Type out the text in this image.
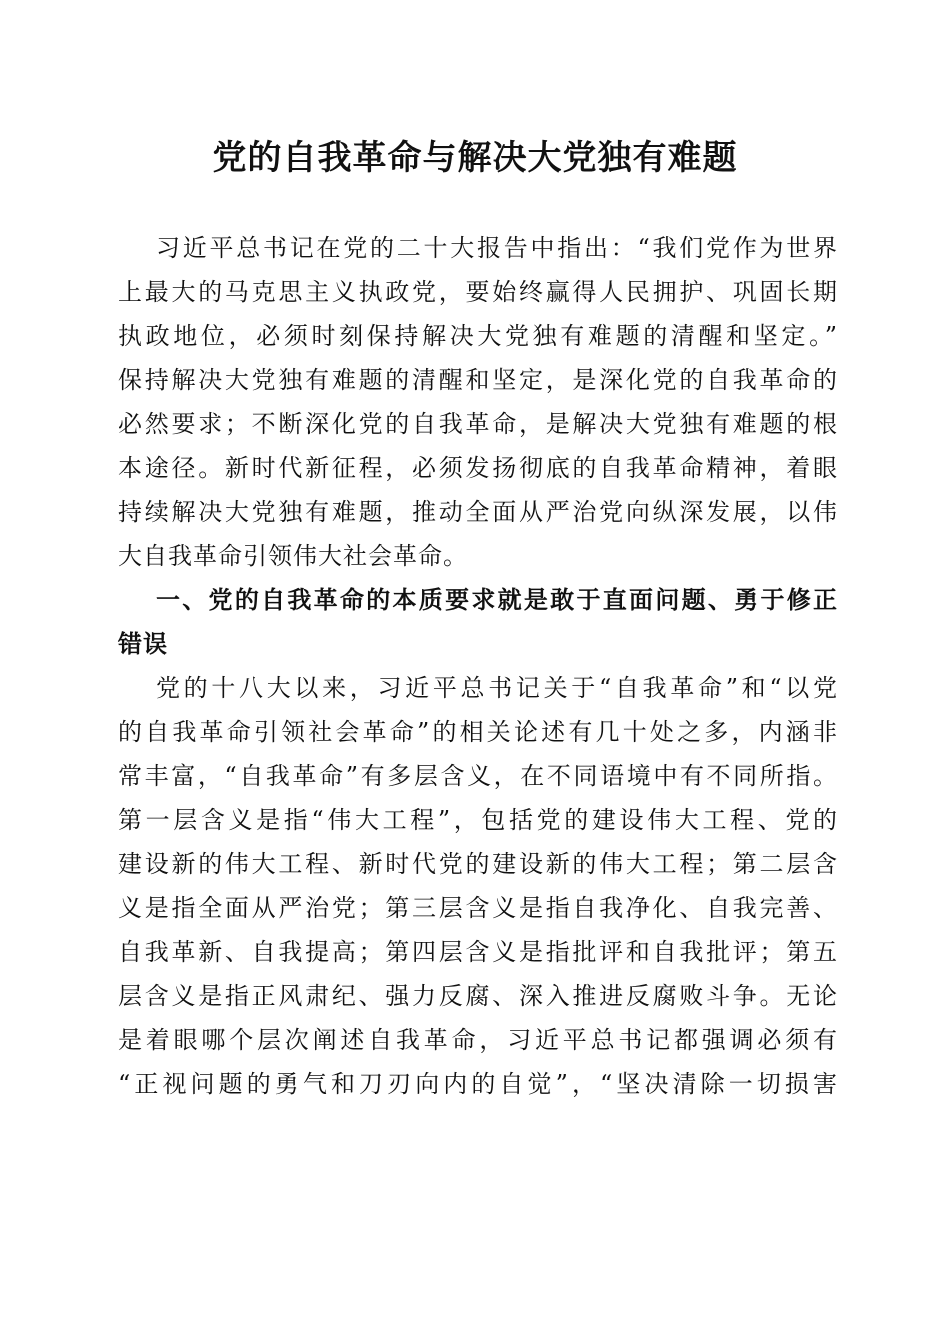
党的自我革命与解决大党独有难题
习近平总书记在党的二十大报告中指出：“我们党作为世界
上最大的马克思主义执政党，要始终赢得人民拥护、巩固长期
执政地位，必须时刻保持解决大党独有难题的清醒和坚定。”
保持解决大党独有难题的清醒和坚定，是深化党的自我革命的
必然要求；不断深化党的自我革命，是解决大党独有难题的根
本途径。新时代新征程，必须发扬彻底的自我革命精神，着眼
持续解决大党独有难题，推动全面从严治党向纵深发展，以伟
大自我革命引领伟大社会革命。
一、党的自我革命的本质要求就是敢于直面问题、勇于修正
错误
党的十八大以来，习近平总书记关于“自我革命”和“以党
的自我革命引领社会革命”的相关论述有几十处之多，内涵非
常丰富，“自我革命”有多层含义，在不同语境中有不同所指。
第一层含义是指“伟大工程”，包括党的建设伟大工程、党的
建设新的伟大工程、新时代党的建设新的伟大工程；第二层含
义是指全面从严治党；第三层含义是指自我净化、自我完善、
自我革新、自我提高；第四层含义是指批评和自我批评；第五
层含义是指正风肃纪、强力反腐、深入推进反腐败斗争。无论
是着眼哪个层次阐述自我革命，习近平总书记都强调必须有
“正视问题的勇气和刀刃向内的自觉”，“坚决清除一切损害
